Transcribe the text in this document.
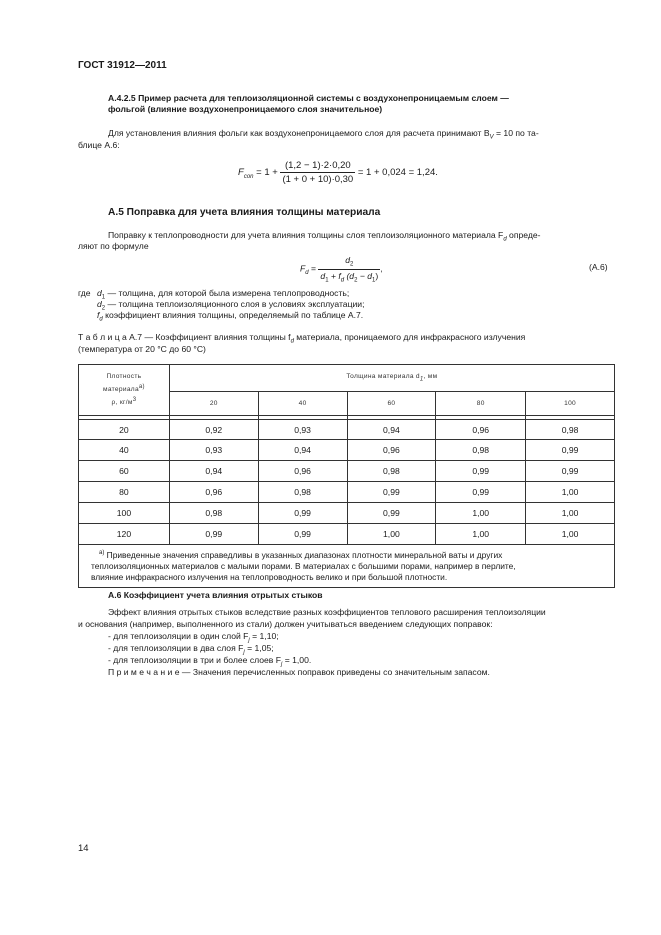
ГОСТ 31912—2011
А.4.2.5 Пример расчета для теплоизоляционной системы с воздухонепроницаемым слоем —
фольгой (влияние воздухонепроницаемого слоя значительное)
Для установления влияния фольги как воздухонепроницаемого слоя для расчета принимают $B_V = 10$ по та-
блице А.6:
$F_{con} = 1 + \frac{(1,2 - 1)\cdot 2\cdot 0,20}{(1 + 0 + 10)\cdot 0,30} = 1 + 0,024 = 1,24$.
А.5 Поправка для учета влияния толщины материала
Поправку к теплопроводности для учета влияния толщины слоя теплоизоляционного материала $F_d$ опреде-
ляют по формуле
$F_d = \frac{d_2}{d_1 + f_d (d_2 - d_1)}$ ,	(А.6)
где $d_1$ — толщина, для которой была измерена теплопроводность;
$d_2$ — толщина теплоизоляционного слоя в условиях эксплуатации;
$f_d$ коэффициент влияния толщины, определяемый по таблице А.7.
Т а б л и ц а А.7 — Коэффициент влияния толщины $f_d$ материала, проницаемого для инфракрасного излучения
(температура от 20 °С до 60 °С)
Плотность
материала$^{а)}$
ρ, $кг/м^3$	Толщина материала $d_1$, мм				
	20	40	60	80	100

20	0,92	0,93	0,94	0,96	0,98
40	0,93	0,94	0,96	0,98	0,99
60	0,94	0,96	0,98	0,99	0,99
80	0,96	0,98	0,99	0,99	1,00
100	0,98	0,99	0,99	1,00	1,00
120	0,99	0,99	1,00	1,00	1,00
$^{а)}$ Приведенные значения справедливы в указанных диапазонах плотности минеральной ваты и других
теплоизоляционных материалов с малыми порами. В материалах с большими порами, например в перлите,
влияние инфракрасного излучения на теплопроводность велико и при большой плотности.					
А.6 Коэффициент учета влияния отрытых стыков
Эффект влияния отрытых стыков вследствие разных коэффициентов теплового расширения теплоизоляции
и основания (например, выполненного из стали) должен учитываться введением следующих поправок:
- для теплоизоляции в один слой $F_j = 1,10$;
- для теплоизоляции в два слоя $F_j = 1,05$;
- для теплоизоляции в три и более слоев $F_j = 1,00$.
П р и м е ч а н и е — Значения перечисленных поправок приведены со значительным запасом.
14
